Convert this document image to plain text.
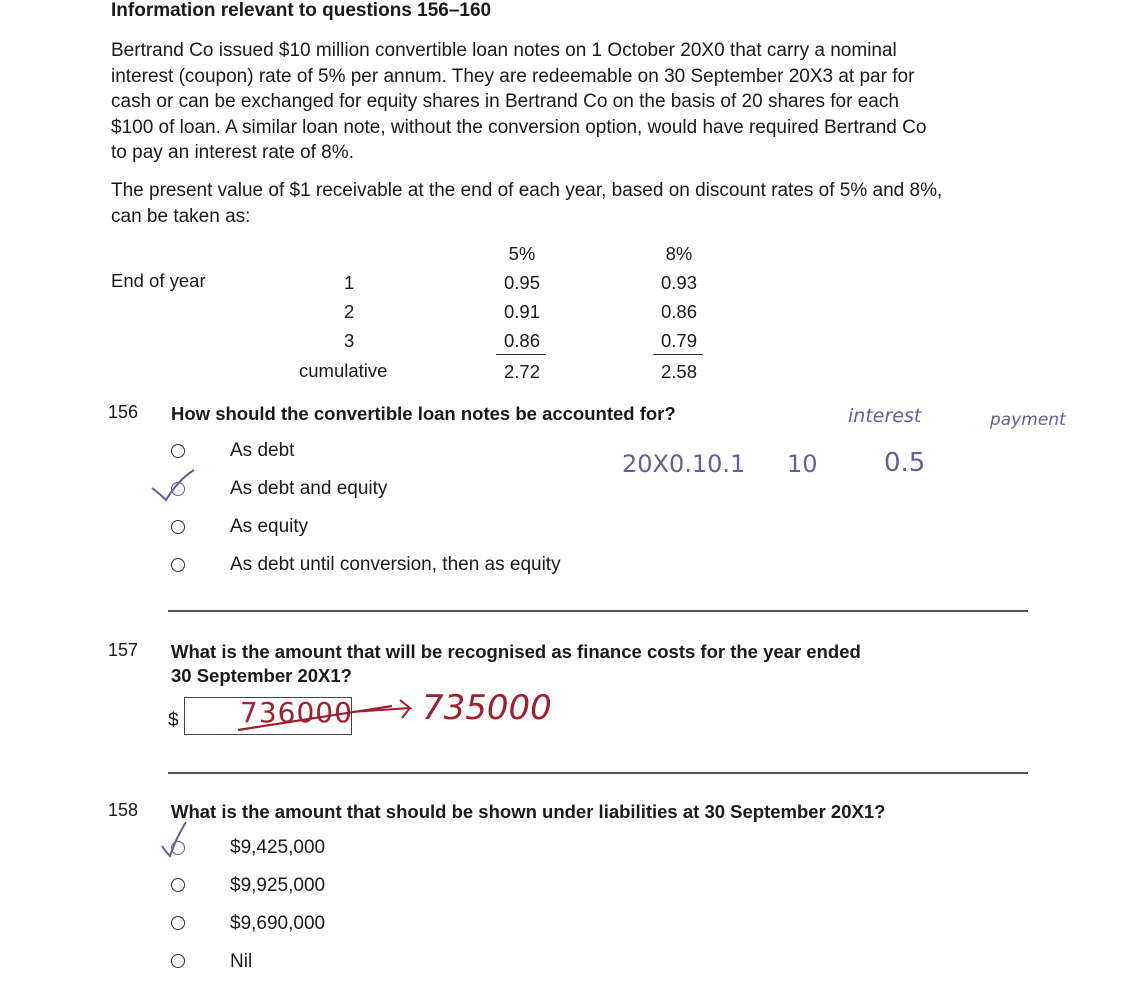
Information relevant to questions 156–160
Bertrand Co issued $10 million convertible loan notes on 1 October 20X0 that carry a nominal
interest (coupon) rate of 5% per annum. They are redeemable on 30 September 20X3 at par for
cash or can be exchanged for equity shares in Bertrand Co on the basis of 20 shares for each
$100 of loan. A similar loan note, without the conversion option, would have required Bertrand Co
to pay an interest rate of 8%.
The present value of $1 receivable at the end of each year, based on discount rates of 5% and 8%,
can be taken as:
5%	8%
End of year	1	0.95	0.93
2	0.91	0.86
3	0.86	0.79
cumulative	2.72	2.58
156 How should the convertible loan notes be accounted for?
As debt
As debt and equity
As equity
As debt until conversion, then as equity
interest	payment
20X0.10.1 10	0.5
157 What is the amount that will be recognised as finance costs for the year ended
30 September 20X1?
$ 736000 735000
158 What is the amount that should be shown under liabilities at 30 September 20X1?
$9,425,000
$9,925,000
$9,690,000
Nil
